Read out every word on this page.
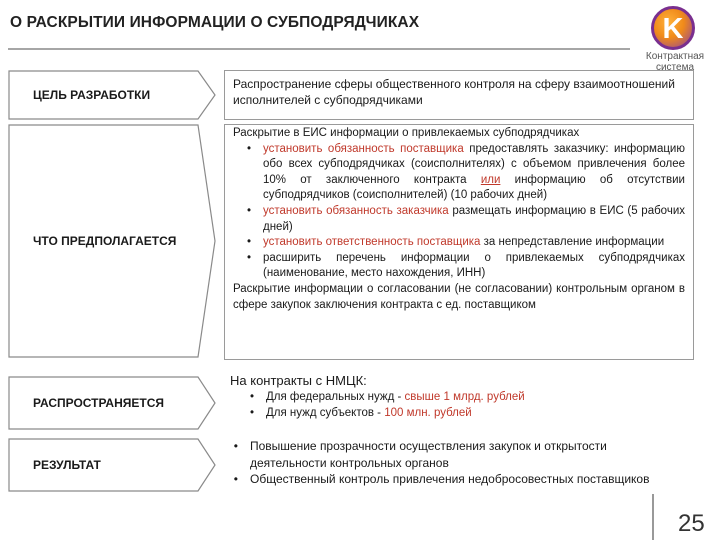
О РАСКРЫТИИ ИНФОРМАЦИИ О СУБПОДРЯДЧИКАХ	K
Контрактная
система
ЦЕЛЬ РАЗРАБОТКИ
Распространение сферы общественного контроля на сферу взаимоотношений исполнителей с субподрядчиками
ЧТО ПРЕДПОЛАГАЕТСЯ
Раскрытие в ЕИС информации о привлекаемых субподрядчиках
•	установить обязанность поставщика предоставлять заказчику: информацию обо всех субподрядчиках (соисполнителях) с объемом привлечения более 10% от заключенного контракта или информацию об отсутствии субподрядчиков (соисполнителей) (10 рабочих дней)
•	установить обязанность заказчика размещать информацию в ЕИС (5 рабочих дней)
•	установить ответственность поставщика за непредставление информации
•	расширить перечень информации о привлекаемых субподрядчиках (наименование, место нахождения, ИНН)
Раскрытие информации о согласовании (не согласовании) контрольным органом в сфере закупок заключения контракта с ед. поставщиком
РАСПРОСТРАНЯЕТСЯ
На контракты с НМЦК:
•	Для федеральных нужд - свыше 1 млрд. рублей
•	Для нужд субъектов - 100 млн. рублей
РЕЗУЛЬТАТ
•	Повышение прозрачности осуществления закупок и открытости деятельности контрольных органов
•	Общественный контроль привлечения недобросовестных поставщиков
25
